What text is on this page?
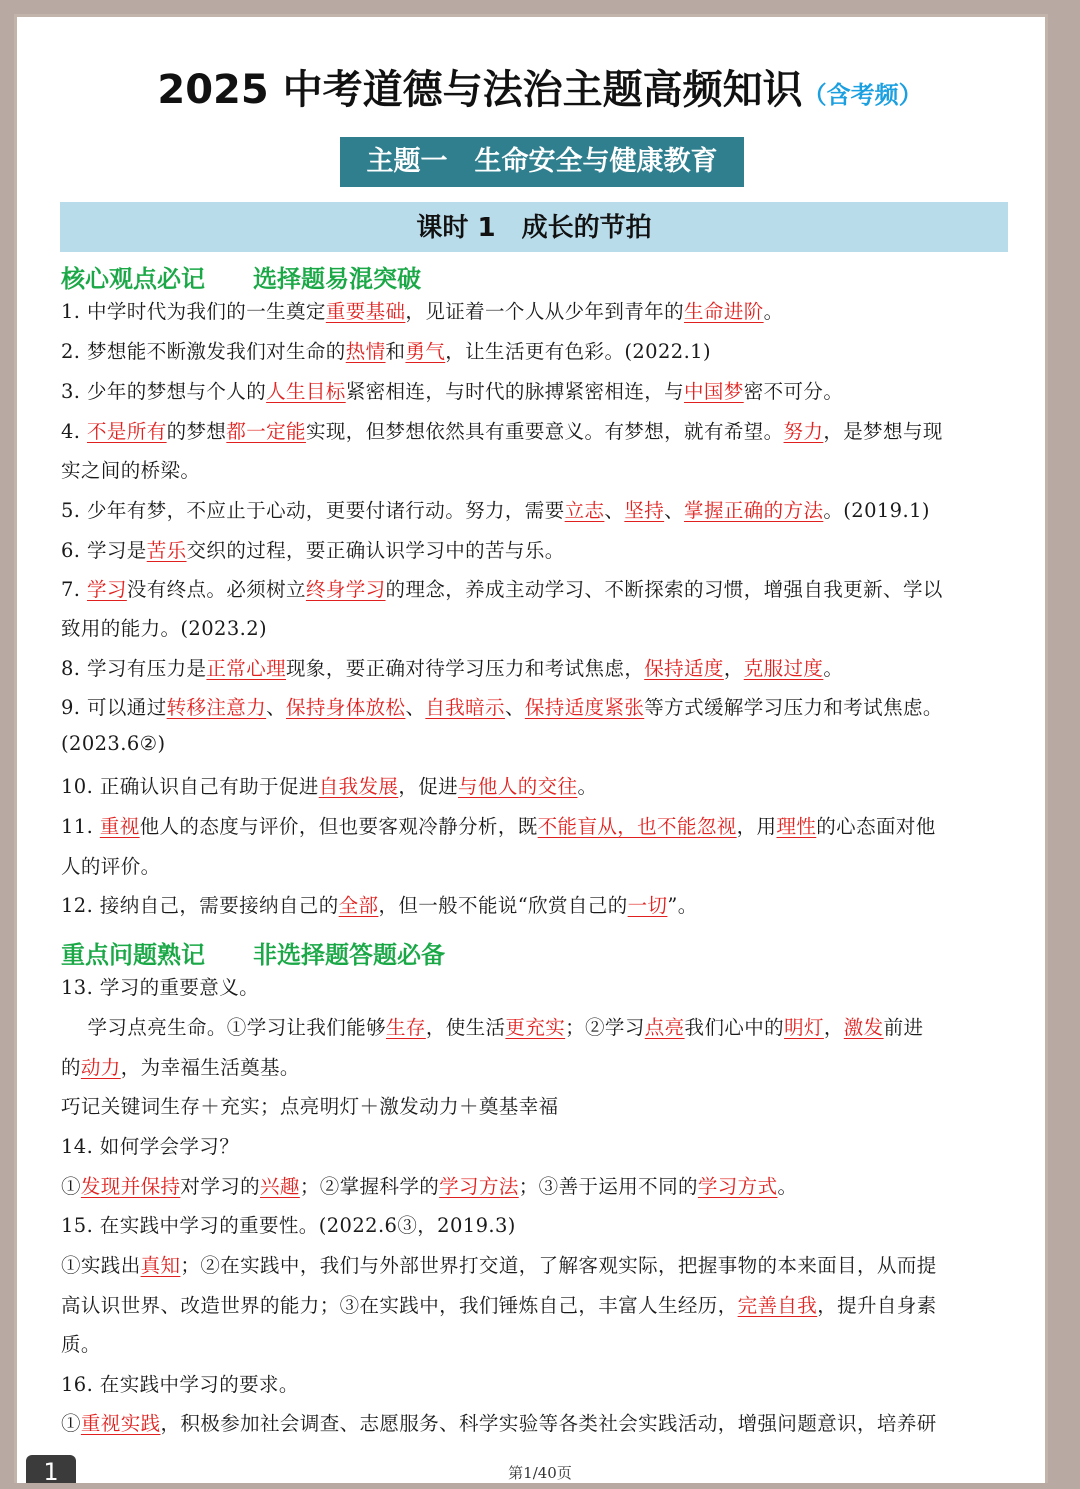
2025 中考道德与法治主题高频知识（含考频）
主题一　生命安全与健康教育
课时 1　成长的节拍
核心观点必记　　选择题易混突破
重点问题熟记　　非选择题答题必备
1. 中学时代为我们的一生奠定重要基础，见证着一个人从少年到青年的生命进阶。
2. 梦想能不断激发我们对生命的热情和勇气，让生活更有色彩。(2022.1)
3. 少年的梦想与个人的人生目标紧密相连，与时代的脉搏紧密相连，与中国梦密不可分。
4. 不是所有的梦想都一定能实现，但梦想依然具有重要意义。有梦想，就有希望。努力，是梦想与现
实之间的桥梁。
5. 少年有梦，不应止于心动，更要付诸行动。努力，需要立志、坚持、掌握正确的方法。(2019.1)
6. 学习是苦乐交织的过程，要正确认识学习中的苦与乐。
7. 学习没有终点。必须树立终身学习的理念，养成主动学习、不断探索的习惯，增强自我更新、学以
致用的能力。(2023.2)
8. 学习有压力是正常心理现象，要正确对待学习压力和考试焦虑，保持适度，克服过度。
9. 可以通过转移注意力、保持身体放松、自我暗示、保持适度紧张等方式缓解学习压力和考试焦虑。
(2023.6②)
10. 正确认识自己有助于促进自我发展，促进与他人的交往。
11. 重视他人的态度与评价，但也要客观冷静分析，既不能盲从，也不能忽视，用理性的心态面对他
人的评价。
12. 接纳自己，需要接纳自己的全部，但一般不能说“欣赏自己的一切”。
13. 学习的重要意义。
　 学习点亮生命。①学习让我们能够生存，使生活更充实；②学习点亮我们心中的明灯，激发前进
的动力，为幸福生活奠基。
巧记关键词生存＋充实；点亮明灯＋激发动力＋奠基幸福
14. 如何学会学习？
①发现并保持对学习的兴趣；②掌握科学的学习方法；③善于运用不同的学习方式。
15. 在实践中学习的重要性。(2022.6③，2019.3)
①实践出真知；②在实践中，我们与外部世界打交道，了解客观实际，把握事物的本来面目，从而提
高认识世界、改造世界的能力；③在实践中，我们锤炼自己，丰富人生经历，完善自我，提升自身素
质。
16. 在实践中学习的要求。
①重视实践，积极参加社会调查、志愿服务、科学实验等各类社会实践活动，增强问题意识，培养研
第1/40页
1
